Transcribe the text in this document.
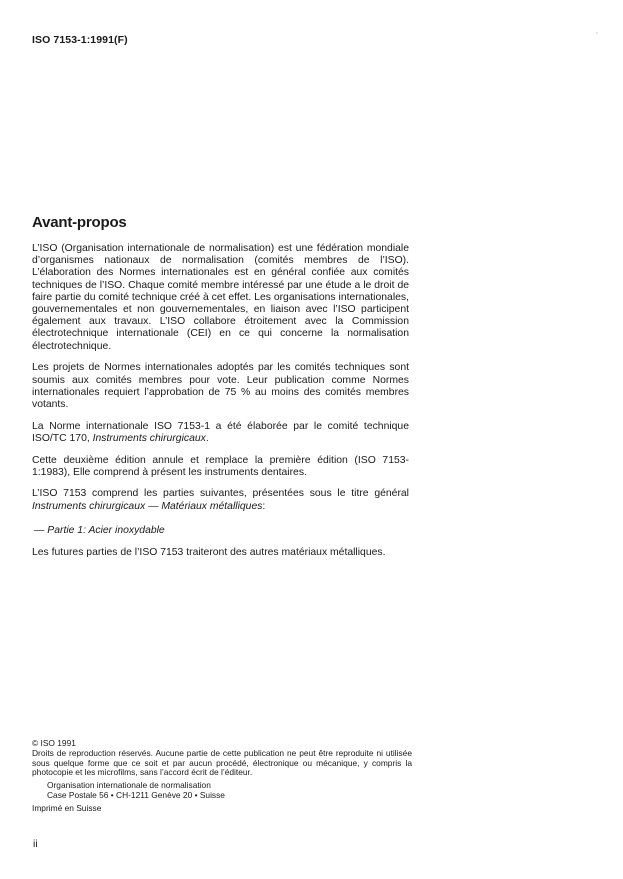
ISO 7153-1:1991(F)
Avant-propos

L’ISO (Organisation internationale de normalisation) est une fédération mondiale d’organismes nationaux de normalisation (comités membres de l’ISO). L’élaboration des Normes internationales est en général confiée aux comités techniques de l’ISO. Chaque comité membre intéressé par une étude a le droit de faire partie du comité technique créé à cet effet. Les organisations internationales, gouvernementales et non gouvernementales, en liaison avec l’ISO participent également aux travaux. L’ISO collabore étroitement avec la Commission électrotechnique internationale (CEI) en ce qui concerne la normalisation électrotechnique.

Les projets de Normes internationales adoptés par les comités techniques sont soumis aux comités membres pour vote. Leur publication comme Normes internationales requiert l’approbation de 75 % au moins des comités membres votants.

La Norme internationale ISO 7153-1 a été élaborée par le comité technique ISO/TC 170, Instruments chirurgicaux.

Cette deuxième édition annule et remplace la première édition (ISO 7153-1:1983), Elle comprend à présent les instruments dentaires.

L’ISO 7153 comprend les parties suivantes, présentées sous le titre général Instruments chirurgicaux — Matériaux métalliques:

— Partie 1: Acier inoxydable

Les futures parties de l’ISO 7153 traiteront des autres matériaux métalliques.

© ISO 1991
Droits de reproduction réservés. Aucune partie de cette publication ne peut être reproduite ni utilisée sous quelque forme que ce soit et par aucun procédé, électronique ou mécanique, y compris la photocopie et les microfilms, sans l’accord écrit de l’éditeur.
Organisation internationale de normalisation
Case Postale 56 • CH-1211 Genève 20 • Suisse
Imprimé en Suisse
ii
